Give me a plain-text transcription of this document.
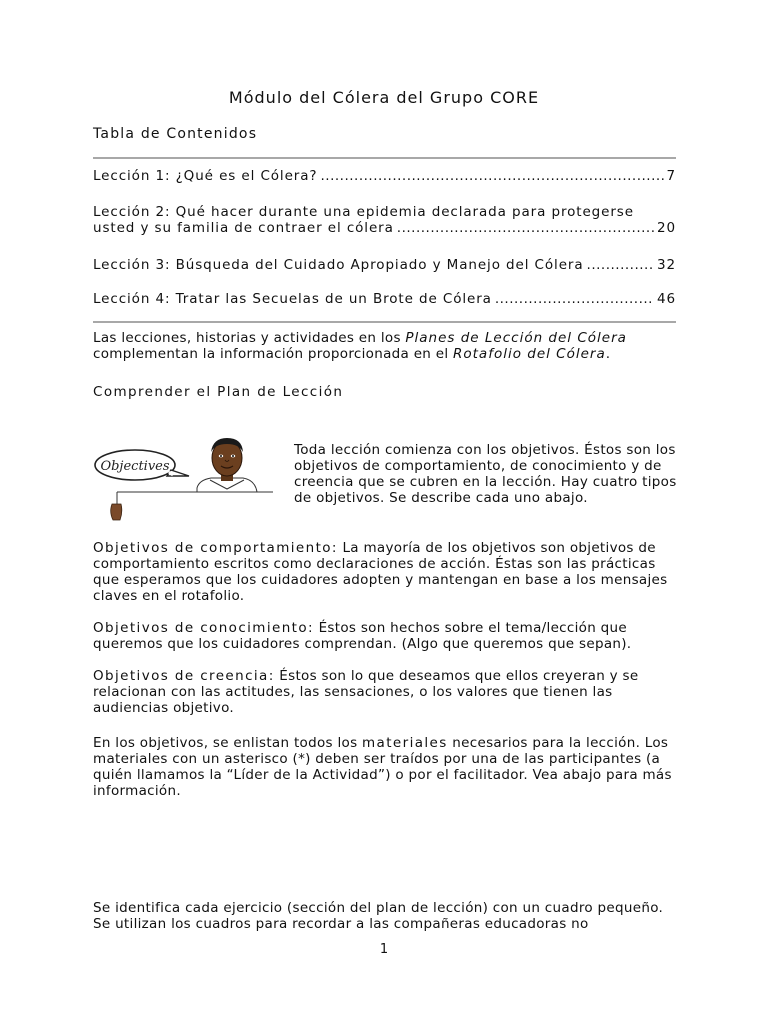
Módulo del Cólera del Grupo CORE
Tabla de Contenidos
Lección 1: ¿Qué es el Cólera? .....	7
Lección 2: Qué hacer durante una epidemia declarada para protegerse
usted y su familia de contraer el cólera .....	20
Lección 3: Búsqueda del Cuidado Apropiado y Manejo del Cólera .....	32
Lección 4: Tratar las Secuelas de un Brote de Cólera .....	46
Las lecciones, historias y actividades en los Planes de Lección del Cólera complementan la información proporcionada en el Rotafolio del Cólera.
Comprender el Plan de Lección
Objectives
Toda lección comienza con los objetivos. Éstos son los objetivos de comportamiento, de conocimiento y de creencia que se cubren en la lección. Hay cuatro tipos de objetivos. Se describe cada uno abajo.
Objetivos de comportamiento: La mayoría de los objetivos son objetivos de comportamiento escritos como declaraciones de acción. Éstas son las prácticas que esperamos que los cuidadores adopten y mantengan en base a los mensajes claves en el rotafolio.
Objetivos de conocimiento: Éstos son hechos sobre el tema/lección que queremos que los cuidadores comprendan. (Algo que queremos que sepan).
Objetivos de creencia: Éstos son lo que deseamos que ellos creyeran y se relacionan con las actitudes, las sensaciones, o los valores que tienen las audiencias objetivo.
En los objetivos, se enlistan todos los materiales necesarios para la lección. Los materiales con un asterisco (*) deben ser traídos por una de las participantes (a quién llamamos la “Líder de la Actividad”) o por el facilitador. Vea abajo para más información.
Se identifica cada ejercicio (sección del plan de lección) con un cuadro pequeño. Se utilizan los cuadros para recordar a las compañeras educadoras no
1
